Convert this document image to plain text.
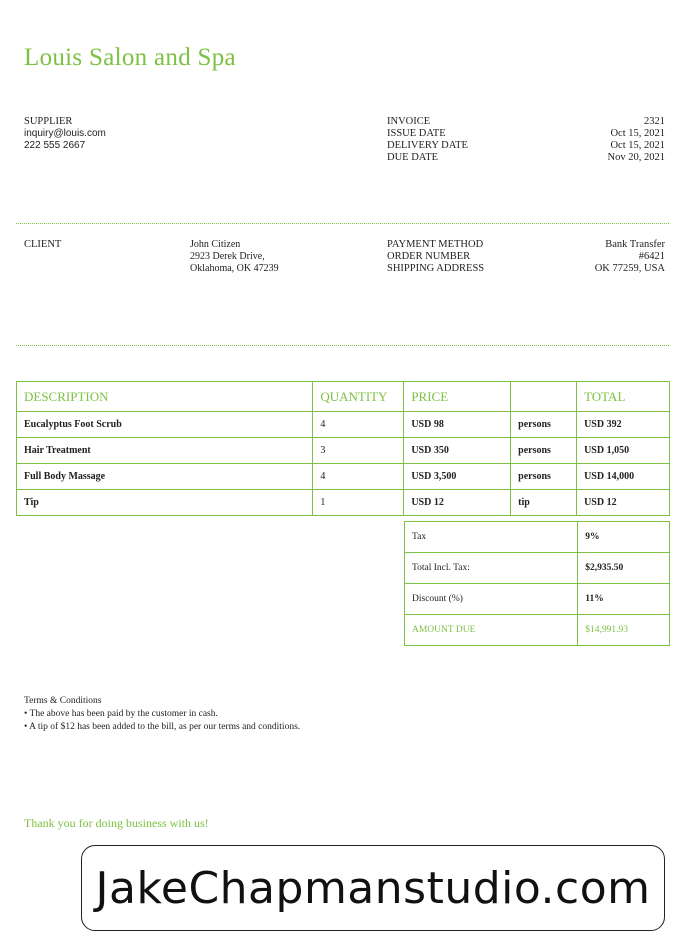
Louis Salon and Spa
SUPPLIER
inquiry@louis.com
222 555 2667
INVOICE	2321
ISSUE DATE	Oct 15, 2021
DELIVERY DATE	Oct 15, 2021
DUE DATE	Nov 20, 2021
CLIENT	John Citizen
2923 Derek Drive,
Oklahoma, OK 47239
PAYMENT METHOD	Bank Transfer
ORDER NUMBER	#6421
SHIPPING ADDRESS	OK 77259, USA
DESCRIPTION	QUANTITY	PRICE		TOTAL
Eucalyptus Foot Scrub	4	USD 98	persons	USD 392
Hair Treatment	3	USD 350	persons	USD 1,050
Full Body Massage	4	USD 3,500	persons	USD 14,000
Tip	1	USD 12	tip	USD 12
Tax	9%
Total Incl. Tax:	$2,935.50
Discount (%)	11%
AMOUNT DUE	$14,991.93
Terms & Conditions
• The above has been paid by the customer in cash.
• A tip of $12 has been added to the bill, as per our terms and conditions.
Thank you for doing business with us!
JakeChapmanstudio.com
